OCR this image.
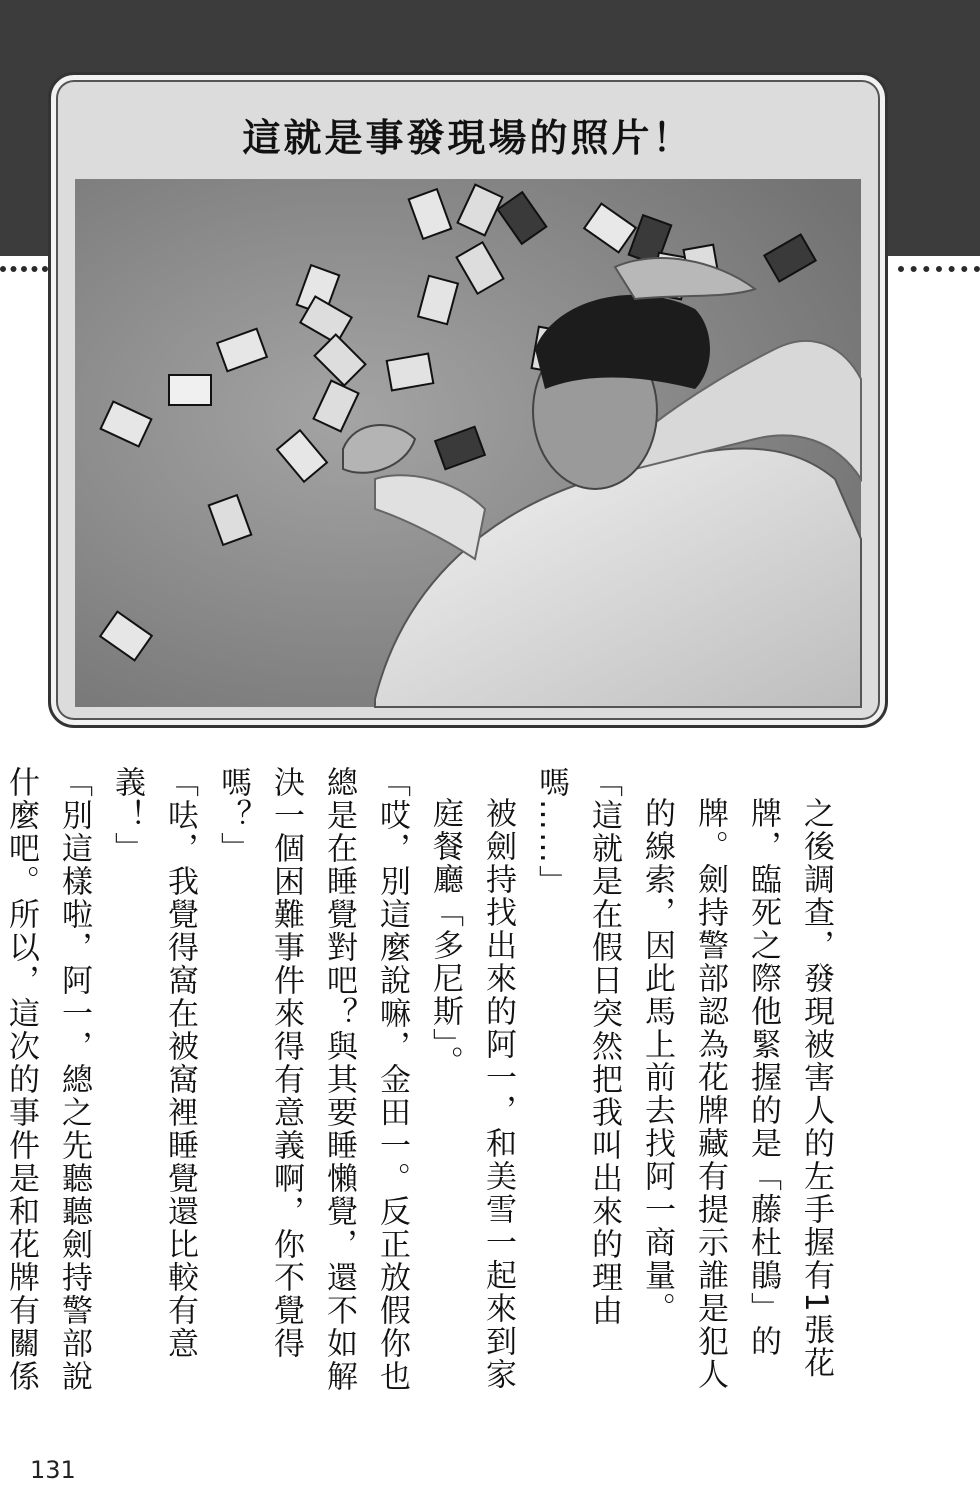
這就是事發現場的照片！

之後調查，發現被害人的左手握有1張花牌，臨死之際他緊握的是「藤杜鵑」的牌。劍持警部認為花牌藏有提示誰是犯人的線索，因此馬上前去找阿一商量。

「這就是在假日突然把我叫出來的理由嗎……」

被劍持找出來的阿一，和美雪一起來到家庭餐廳「多尼斯」。

「哎，別這麼說嘛，金田一。反正放假你也總是在睡覺對吧？與其要睡懶覺，還不如解決一個困難事件來得有意義啊，你不覺得嗎？」

「呿，我覺得窩在被窩裡睡覺還比較有意義！」

「別這樣啦，阿一，總之先聽聽劍持警部說什麼吧。所以，這次的事件是和花牌有關係

131
